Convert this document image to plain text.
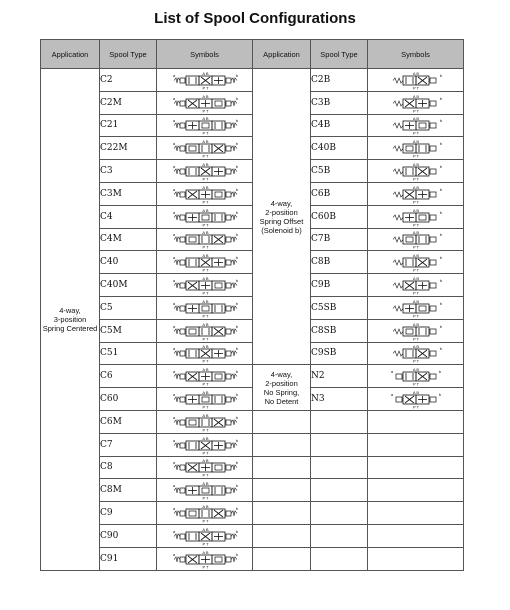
List of Spool Configurations
Application	Spool Type	Symbols	Application	Spool Type	Symbols

4-way,
3-position
Spring Centered	C2	A B
P T
a b	4-way,
2-position
Spring Offset
(Solenoid b)	C2B	A B
P T
b

	C2M	A B
P T
a b		C3B	A B
P T
b

	C21	A B
P T
a b		C4B	A B
P T
b

	C22M	A B
P T
a b		C40B	A B
P T
b

	C3	A B
P T
a b		C5B	A B
P T
b

	C3M	A B
P T
a b		C6B	A B
P T
b

	C4	A B
P T
a b		C60B	A B
P T
b

	C4M	A B
P T
a b		C7B	A B
P T
b

	C40	A B
P T
a b		C8B	A B
P T
b

	C40M	A B
P T
a b		C9B	A B
P T
b

	C5	A B
P T
a b		C5SB	A B
P T
b

	C5M	A B
P T
a b		C8SB	A B
P T
b

	C51	A B
P T
a b		C9SB	A B
P T
b

	C6	A B
P T
a b	4-way,
2-position
No Spring,
No Detent	N2	A B
P T
a b

	C60	A B
P T
a b		N3	A B
P T
a b

	C6M	A B
P T
a b			

	C7	A B
P T
a b			

	C8	A B
P T
a b			

	C8M	A B
P T
a b			

	C9	A B
P T
a b			

	C90	A B
P T
a b			

	C91	A B
P T
a b			
